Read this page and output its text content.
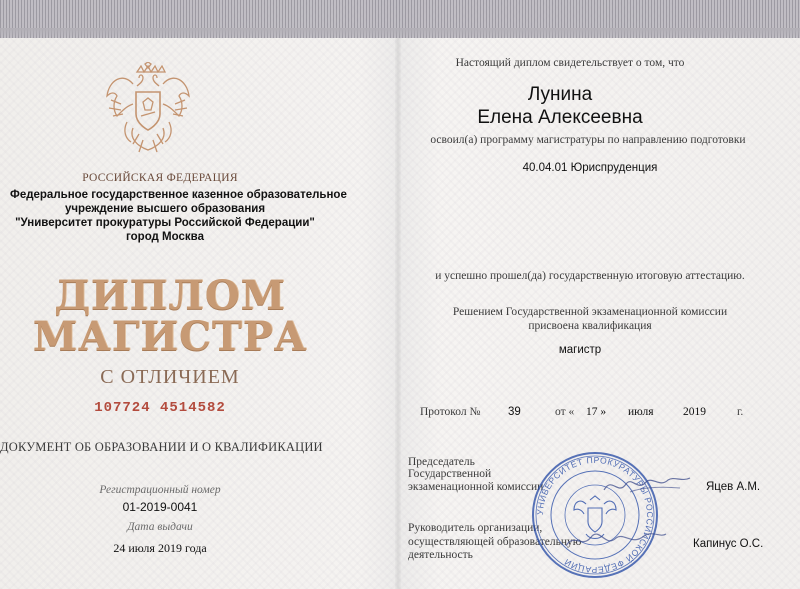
РОССИЙСКАЯ ФЕДЕРАЦИЯ
Федеральное государственное казенное образовательное
учреждение высшего образования
"Университет прокуратуры Российской Федерации"
город Москва
ДИПЛОМ
МАГИСТРА
С ОТЛИЧИЕМ
107724 4514582
ДОКУМЕНТ ОБ ОБРАЗОВАНИИ И О КВАЛИФИКАЦИИ
Регистрационный номер
01-2019-0041
Дата выдачи
24 июля 2019 года
Настоящий диплом свидетельствует о том, что
Лунина
Елена Алексеевна
освоил(а) программу магистратуры по направлению подготовки
40.04.01 Юриспруденция
и успешно прошел(да) государственную итоговую аттестацию.
Решением Государственной экзаменационной комиссии
присвоена квалификация
магистр
Протокол № 39	от « 17 » июля	2019	г.
Председатель
Государственной
экзаменационной комиссии	Яцев А.М.
Руководитель организации,
осуществляющей образовательную
деятельность
Капинус О.С.
УНИВЕРСИТЕТ ПРОКУРАТУРЫ РОССИЙСКОЙ ФЕДЕРАЦИИ
